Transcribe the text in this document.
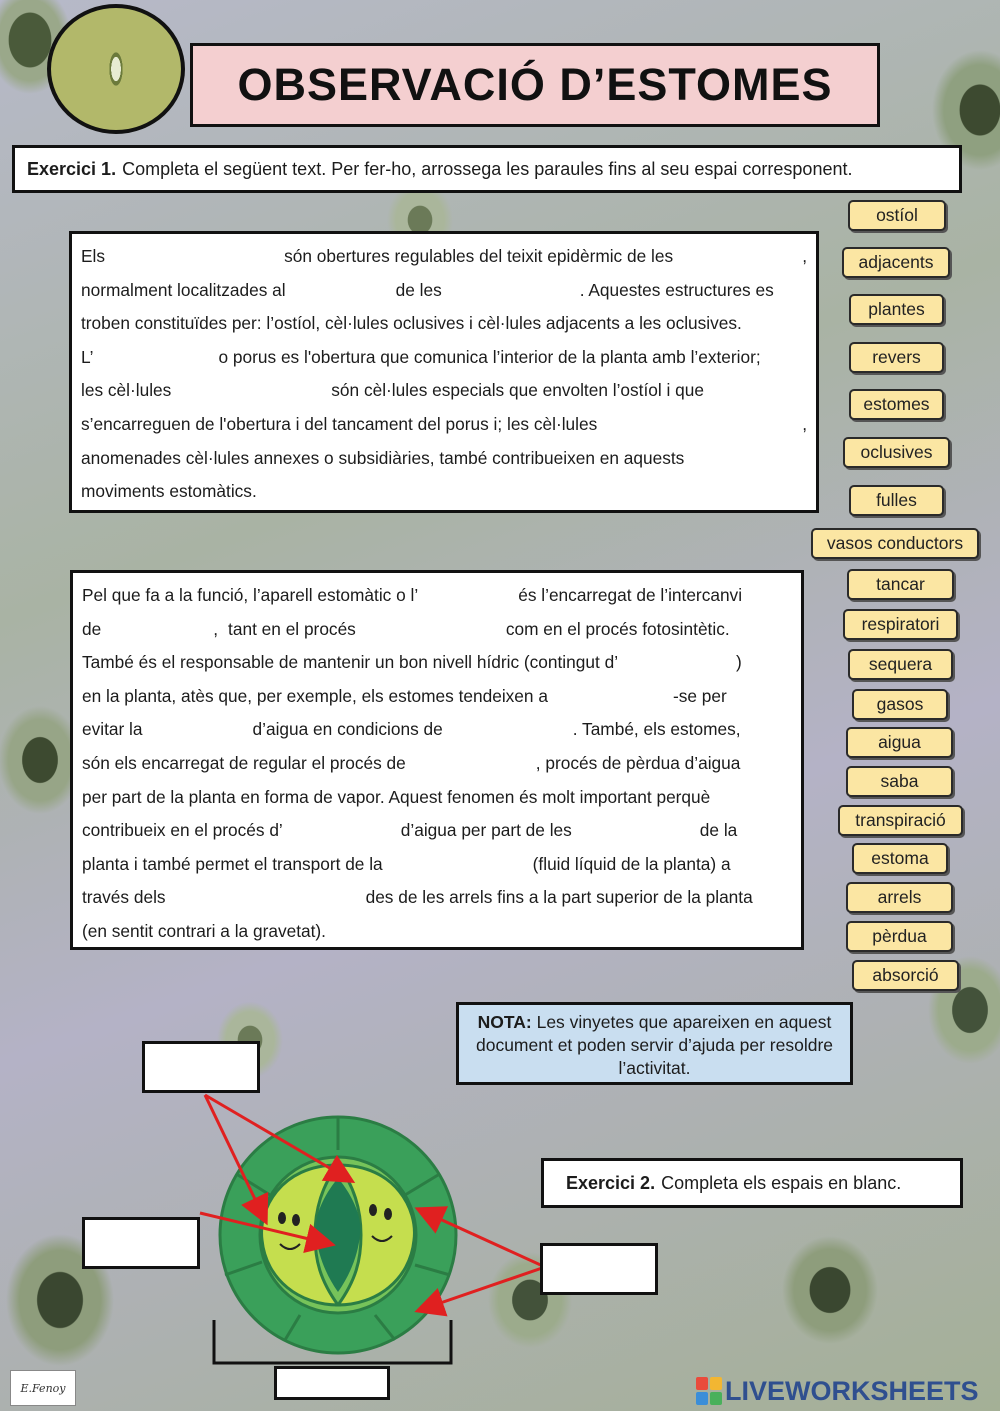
OBSERVACIÓ D’ESTOMES
Exercici 1. Completa el següent text. Per fer-ho, arrossega les paraules fins al seu espai corresponent.
Els	són obertures regulables del teixit epidèrmic de les	,
normalment localitzades al	de les	. Aquestes estructures es
troben constituïdes per: l’ostíol, cèl·lules oclusives i cèl·lules adjacents a les oclusives.
L’	o porus es l'obertura que comunica l’interior de la planta amb l’exterior;
les cèl·lules	són cèl·lules especials que envolten l’ostíol i que
s’encarreguen de l'obertura i del tancament del porus i; les cèl·lules	,
anomenades cèl·lules annexes o subsidiàries, també contribueixen en aquests
moviments estomàtics.
Pel que fa a la funció, l’aparell estomàtic o l’	és l’encarregat de l’intercanvi
de	, tant en el procés	com en el procés fotosintètic.
També és el responsable de mantenir un bon nivell hídric (contingut d’	)
en la planta, atès que, per exemple, els estomes tendeixen a	-se per
evitar la	d’aigua en condicions de	. També, els estomes,
són els encarregat de regular el procés de	, procés de pèrdua d’aigua
per part de la planta en forma de vapor. Aquest fenomen és molt important perquè
contribueix en el procés d’	d’aigua per part de les	de la
planta i també permet el transport de la	(fluid líquid de la planta) a
través dels	des de les arrels fins a la part superior de la planta
(en sentit contrari a la gravetat).
ostíol
adjacents
plantes
revers
estomes
oclusives
fulles
vasos conductors
tancar
respiratori
sequera
gasos
aigua
saba
transpiració
estoma
arrels
pèrdua
absorció
NOTA: Les vinyetes que apareixen en aquest document et poden servir d’ajuda per resoldre l’activitat.
Exercici 2. Completa els espais en blanc.
E.Fenoy	LIVEWORKSHEETS
